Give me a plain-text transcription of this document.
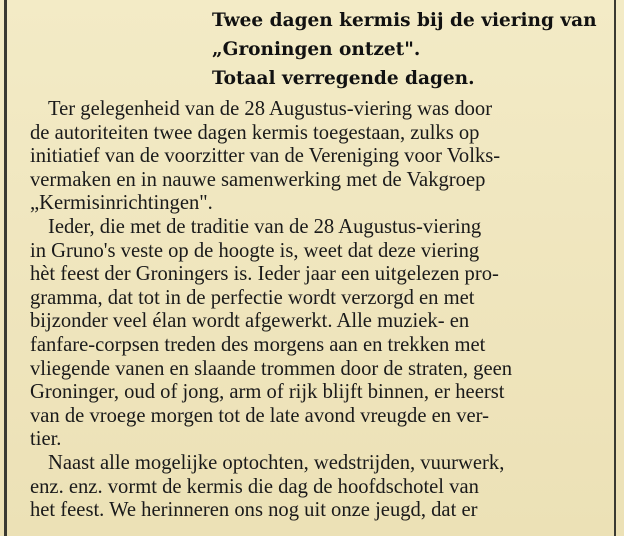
Twee dagen kermis bij de viering van
„Groningen ontzet".
Totaal verregende dagen.
Ter gelegenheid van de 28 Augustus-viering was door
de autoriteiten twee dagen kermis toegestaan, zulks op
initiatief van de voorzitter van de Vereniging voor Volks-
vermaken en in nauwe samenwerking met de Vakgroep
„Kermisinrichtingen".
Ieder, die met de traditie van de 28 Augustus-viering
in Gruno's veste op de hoogte is, weet dat deze viering
hèt feest der Groningers is. Ieder jaar een uitgelezen pro-
gramma, dat tot in de perfectie wordt verzorgd en met
bijzonder veel élan wordt afgewerkt. Alle muziek- en
fanfare-corpsen treden des morgens aan en trekken met
vliegende vanen en slaande trommen door de straten, geen
Groninger, oud of jong, arm of rijk blijft binnen, er heerst
van de vroege morgen tot de late avond vreugde en ver-
tier.
Naast alle mogelijke optochten, wedstrijden, vuurwerk,
enz. enz. vormt de kermis die dag de hoofdschotel van
het feest. We herinneren ons nog uit onze jeugd, dat er
